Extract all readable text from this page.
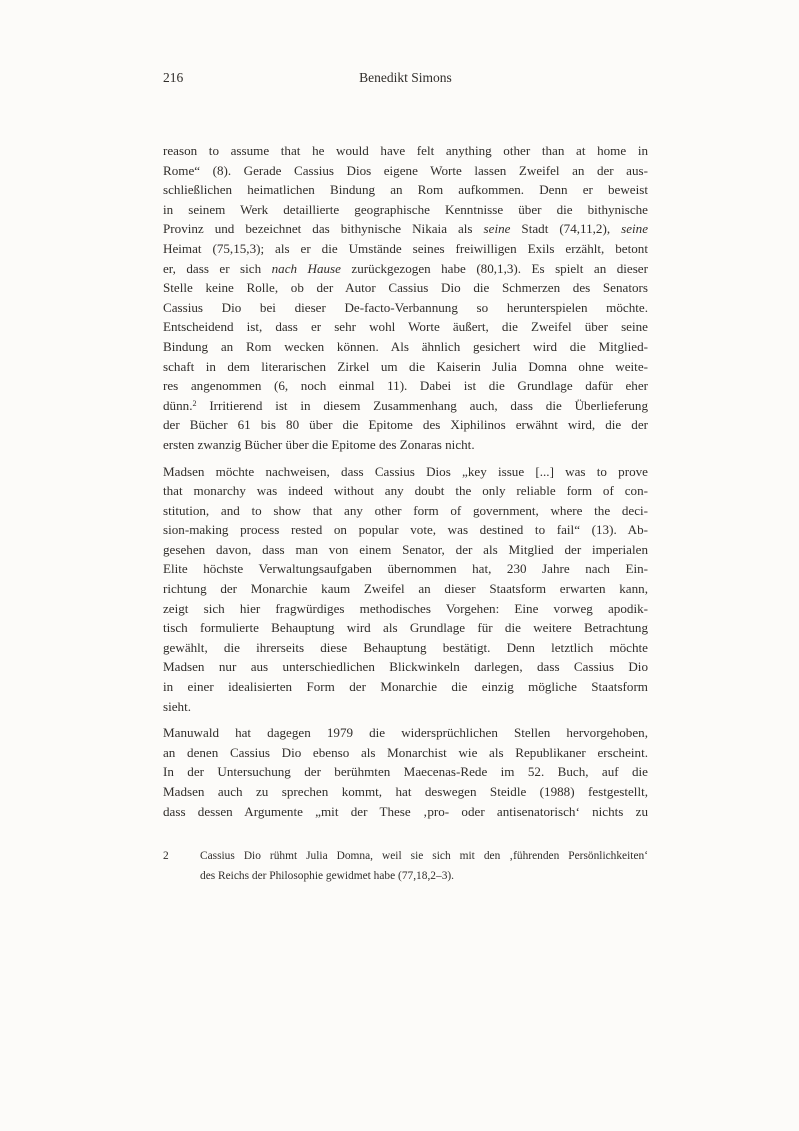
216	Benedikt Simons
reason to assume that he would have felt anything other than at home in
Rome“ (8). Gerade Cassius Dios eigene Worte lassen Zweifel an der aus-
schließlichen heimatlichen Bindung an Rom aufkommen. Denn er beweist
in seinem Werk detaillierte geographische Kenntnisse über die bithynische
Provinz und bezeichnet das bithynische Nikaia als seine Stadt (74,11,2), seine
Heimat (75,15,3); als er die Umstände seines freiwilligen Exils erzählt, betont
er, dass er sich nach Hause zurückgezogen habe (80,1,3). Es spielt an dieser
Stelle keine Rolle, ob der Autor Cassius Dio die Schmerzen des Senators
Cassius Dio bei dieser De-facto-Verbannung so herunterspielen möchte.
Entscheidend ist, dass er sehr wohl Worte äußert, die Zweifel über seine
Bindung an Rom wecken können. Als ähnlich gesichert wird die Mitglied-
schaft in dem literarischen Zirkel um die Kaiserin Julia Domna ohne weite-
res angenommen (6, noch einmal 11). Dabei ist die Grundlage dafür eher
dünn.$^2$ Irritierend ist in diesem Zusammenhang auch, dass die Überlieferung
der Bücher 61 bis 80 über die Epitome des Xiphilinos erwähnt wird, die der
ersten zwanzig Bücher über die Epitome des Zonaras nicht.
Madsen möchte nachweisen, dass Cassius Dios „key issue [...] was to prove
that monarchy was indeed without any doubt the only reliable form of con-
stitution, and to show that any other form of government, where the deci-
sion-making process rested on popular vote, was destined to fail“ (13). Ab-
gesehen davon, dass man von einem Senator, der als Mitglied der imperialen
Elite höchste Verwaltungsaufgaben übernommen hat, 230 Jahre nach Ein-
richtung der Monarchie kaum Zweifel an dieser Staatsform erwarten kann,
zeigt sich hier fragwürdiges methodisches Vorgehen: Eine vorweg apodik-
tisch formulierte Behauptung wird als Grundlage für die weitere Betrachtung
gewählt, die ihrerseits diese Behauptung bestätigt. Denn letztlich möchte
Madsen nur aus unterschiedlichen Blickwinkeln darlegen, dass Cassius Dio
in einer idealisierten Form der Monarchie die einzig mögliche Staatsform
sieht.
Manuwald hat dagegen 1979 die widersprüchlichen Stellen hervorgehoben,
an denen Cassius Dio ebenso als Monarchist wie als Republikaner erscheint.
In der Untersuchung der berühmten Maecenas-Rede im 52. Buch, auf die
Madsen auch zu sprechen kommt, hat deswegen Steidle (1988) festgestellt,
dass dessen Argumente „mit der These ‚pro- oder antisenatorisch‘ nichts zu
2	Cassius Dio rühmt Julia Domna, weil sie sich mit den ‚führenden Persönlichkeiten‘
des Reichs der Philosophie gewidmet habe (77,18,2–3).
